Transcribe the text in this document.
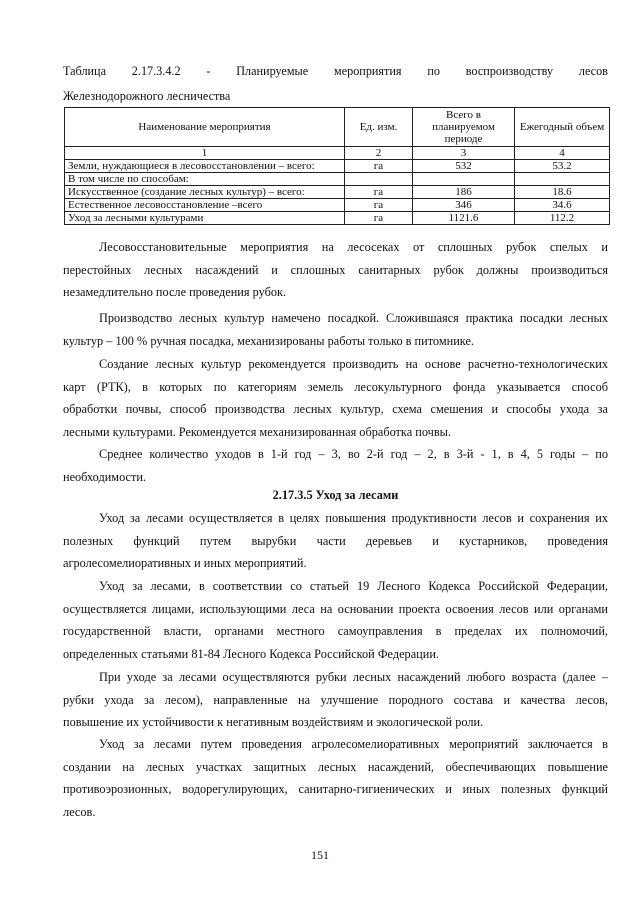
Таблица 2.17.3.4.2 - Планируемые мероприятия по воспроизводству лесов
Железнодорожного лесничества
Наименование мероприятия	Ед. изм.	Всего в планируемом периоде	Ежегодный объем
1	2	3	4
Земли, нуждающиеся в лесовосстановлении – всего:	га	532	53.2
В том числе по способам:			
Искусственное (создание лесных культур) – всего:	га	186	18.6
Естественное лесовосстановление –всего	га	346	34.6
Уход за лесными культурами	га	1121.6	112.2
Лесовосстановительные мероприятия на лесосеках от сплошных рубок спелых и
перестойных лесных насаждений и сплошных санитарных рубок должны производиться
незамедлительно после проведения рубок.
Производство лесных культур намечено посадкой. Сложившаяся практика посадки лесных
культур – 100 % ручная посадка, механизированы работы только в питомнике.
Создание лесных культур рекомендуется производить на основе расчетно-технологических
карт (РТК), в которых по категориям земель лесокультурного фонда указывается способ
обработки почвы, способ производства лесных культур, схема смешения и способы ухода за
лесными культурами. Рекомендуется механизированная обработка почвы.
Среднее количество уходов в 1-й год – 3, во 2-й год – 2, в 3-й - 1, в 4, 5 годы – по
необходимости.
2.17.3.5 Уход за лесами
Уход за лесами осуществляется в целях повышения продуктивности лесов и сохранения их
полезных функций путем вырубки части деревьев и кустарников, проведения
агролесомелиоративных и иных мероприятий.
Уход за лесами, в соответствии со статьей 19 Лесного Кодекса Российской Федерации,
осуществляется лицами, использующими леса на основании проекта освоения лесов или органами
государственной власти, органами местного самоуправления в пределах их полномочий,
определенных статьями 81-84 Лесного Кодекса Российской Федерации.
При уходе за лесами осуществляются рубки лесных насаждений любого возраста (далее –
рубки ухода за лесом), направленные на улучшение породного состава и качества лесов,
повышение их устойчивости к негативным воздействиям и экологической роли.
Уход за лесами путем проведения агролесомелиоративных мероприятий заключается в
создании на лесных участках защитных лесных насаждений, обеспечивающих повышение
противоэрозионных, водорегулирующих, санитарно-гигиенических и иных полезных функций
лесов.
151
